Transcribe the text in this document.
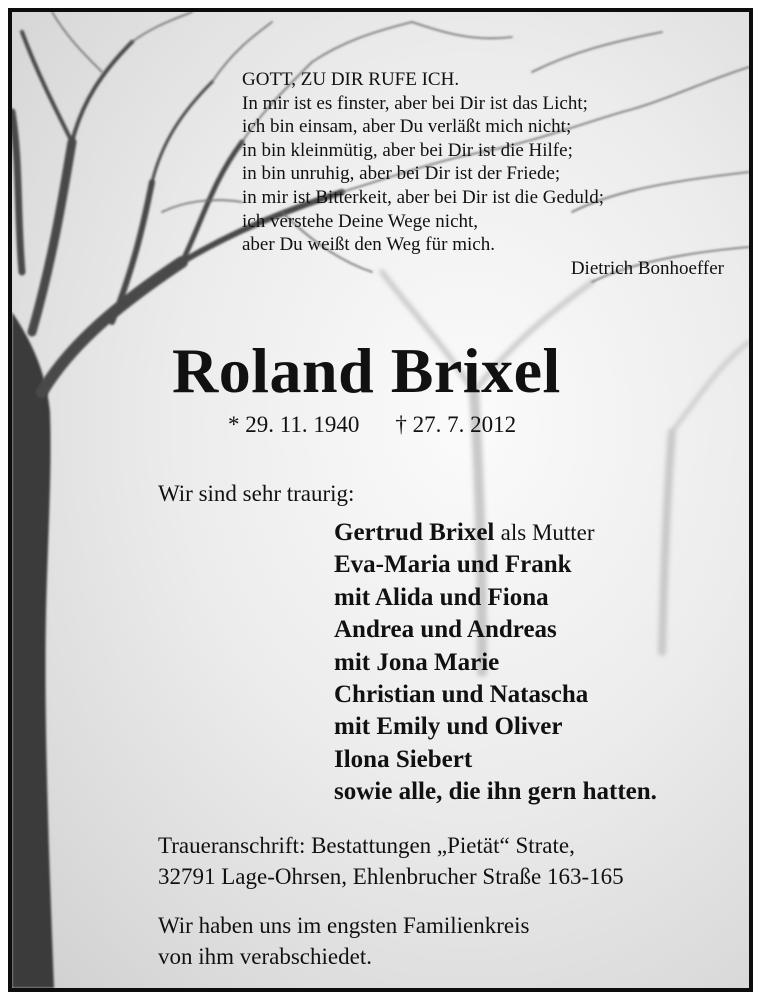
GOTT, ZU DIR RUFE ICH.
In mir ist es finster, aber bei Dir ist das Licht;
ich bin einsam, aber Du verläßt mich nicht;
in bin kleinmütig, aber bei Dir ist die Hilfe;
in bin unruhig, aber bei Dir ist der Friede;
in mir ist Bitterkeit, aber bei Dir ist die Geduld;
ich verstehe Deine Wege nicht,
aber Du weißt den Weg für mich.
Dietrich Bonhoeffer
Roland Brixel
* 29. 11. 1940 † 27. 7. 2012
Wir sind sehr traurig:
Gertrud Brixel als Mutter
Eva-Maria und Frank
mit Alida und Fiona
Andrea und Andreas
mit Jona Marie
Christian und Natascha
mit Emily und Oliver
Ilona Siebert
sowie alle, die ihn gern hatten.
Traueranschrift: Bestattungen „Pietät“ Strate,
32791 Lage-Ohrsen, Ehlenbrucher Straße 163-165
Wir haben uns im engsten Familienkreis
von ihm verabschiedet.
